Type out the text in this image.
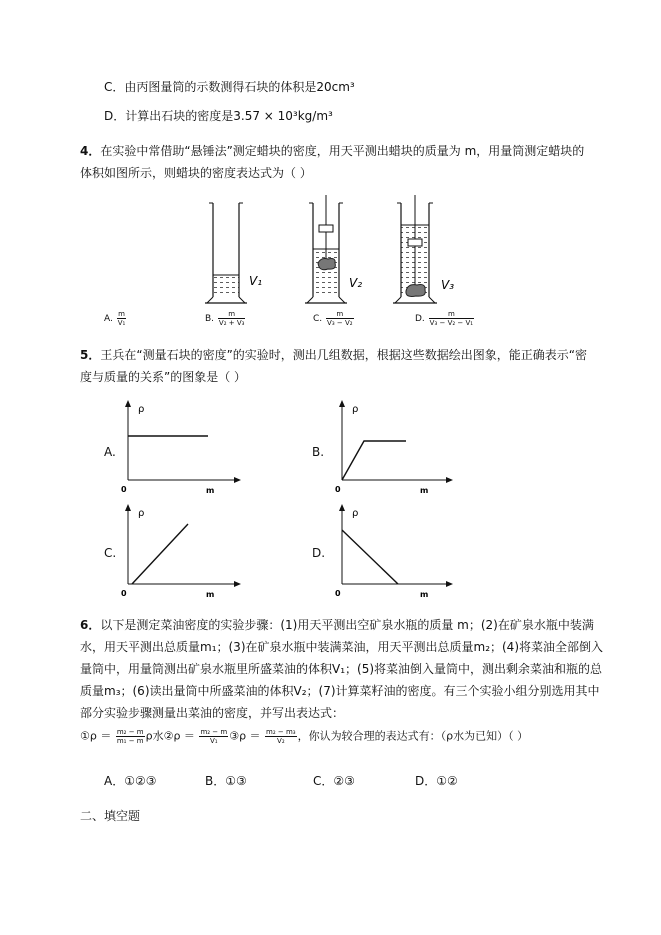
C．由丙图量筒的示数测得石块的体积是20cm³
D．计算出石块的密度是3.57 × 10³kg/m³
4．在实验中常借助“悬锤法”测定蜡块的密度，用天平测出蜡块的质量为 m，用量筒测定蜡块的
体积如图所示，则蜡块的密度表达式为（ ）
V₁	V₂	V₃
A. $\frac{m}{\text{V₁}}$	B. $\frac{m}{\text{V₂ + V₃}}$	C. $\frac{m}{\text{V₃ − V₂}}$	D. $\frac{m}{\text{V₃ − V₂ − V₁}}$
5．王兵在“测量石块的密度”的实验时，测出几组数据，根据这些数据绘出图象，能正确表示“密
度与质量的关系”的图象是（ ）
A.	B.
C.	D.
ρ
0	m
ρ
0	m
ρ
0	m
ρ
0	m
6．以下是测定菜油密度的实验步骤：(1)用天平测出空矿泉水瓶的质量 m；(2)在矿泉水瓶中装满
水，用天平测出总质量m₁；(3)在矿泉水瓶中装满菜油，用天平测出总质量m₂；(4)将菜油全部倒入
量筒中，用量筒测出矿泉水瓶里所盛菜油的体积V₁；(5)将菜油倒入量筒中，测出剩余菜油和瓶的总
质量m₃；(6)读出量筒中所盛菜油的体积V₂；(7)计算菜籽油的密度。有三个实验小组分别选用其中
部分实验步骤测量出菜油的密度，并写出表达式：
①ρ ＝ $\frac{\text{m₂ − m}}{\text{m₁ − m}}$ ρ水②ρ ＝ $\frac{\text{m₂ − m}}{\text{V₁}}$ ③ρ ＝ $\frac{\text{m₂ − m₃}}{\text{V₂}}$ ，你认为较合理的表达式有：（ρ水为已知）（ ）
A．①②③	B．①③	C．②③	D．①②
二、填空题
